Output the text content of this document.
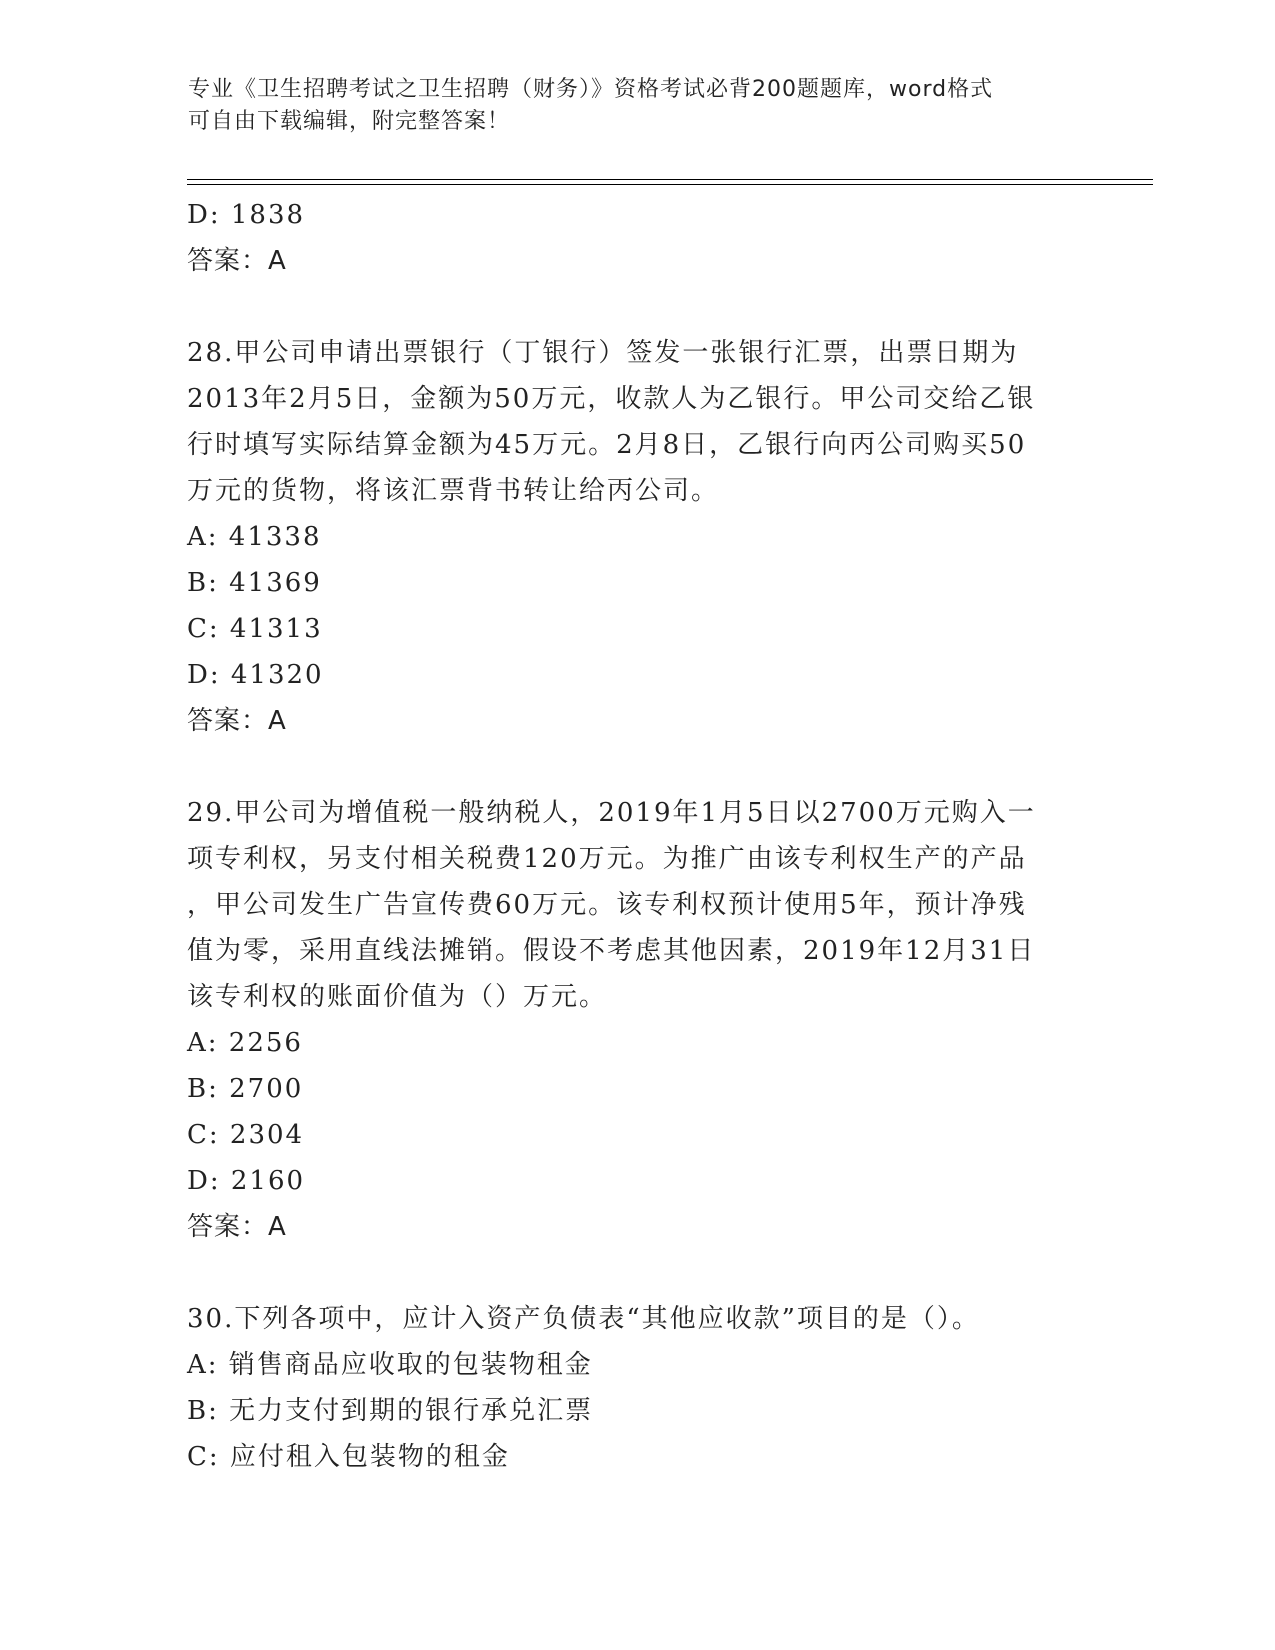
专业《卫生招聘考试之卫生招聘（财务）》资格考试必背200题题库，word格式
可自由下载编辑，附完整答案！
D: 1838
答案：A
28.甲公司申请出票银行（丁银行）签发一张银行汇票，出票日期为
2013年2月5日，金额为50万元，收款人为乙银行。甲公司交给乙银
行时填写实际结算金额为45万元。2月8日，乙银行向丙公司购买50
万元的货物，将该汇票背书转让给丙公司。
A: 41338
B: 41369
C: 41313
D: 41320
答案：A
29.甲公司为增值税一般纳税人，2019年1月5日以2700万元购入一
项专利权，另支付相关税费120万元。为推广由该专利权生产的产品
，甲公司发生广告宣传费60万元。该专利权预计使用5年，预计净残
值为零，采用直线法摊销。假设不考虑其他因素，2019年12月31日
该专利权的账面价值为（）万元。
A: 2256
B: 2700
C: 2304
D: 2160
答案：A
30.下列各项中，应计入资产负债表“其他应收款”项目的是（）。
A: 销售商品应收取的包装物租金
B: 无力支付到期的银行承兑汇票
C: 应付租入包装物的租金
